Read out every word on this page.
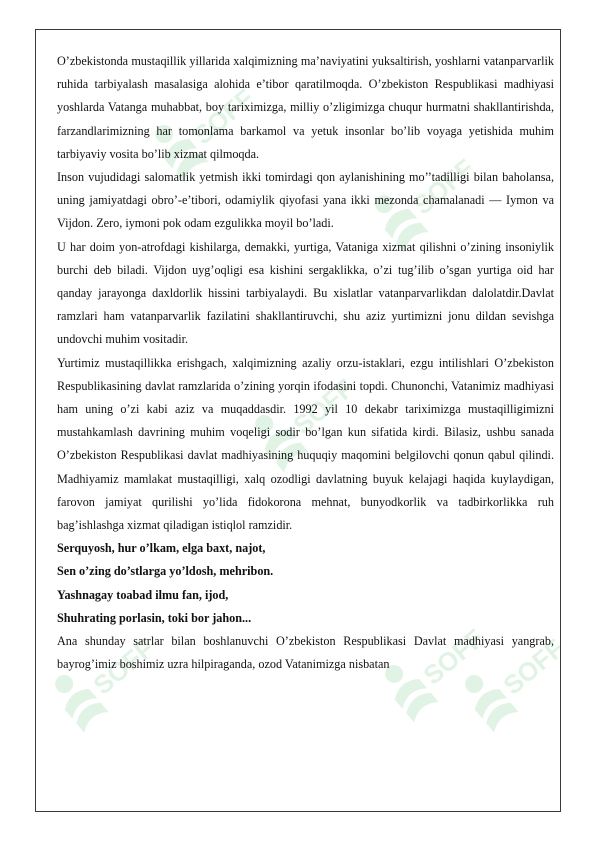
SOFF
SOFF
SOFF
SOFF
SOFF SOFF

O’zbekistonda mustaqillik yillarida xalqimizning ma’naviyatini yuksaltirish, yoshlarni vatanparvarlik ruhida tarbiyalash masalasiga alohida e’tibor qaratilmoqda. O’zbekiston Respublikasi madhiyasi yoshlarda Vatanga muhabbat, boy tariximizga, milliy o’zligimizga chuqur hurmatni shakllantirishda, farzandlarimizning har tomonlama barkamol va yetuk insonlar bo’lib voyaga yetishida muhim tarbiyaviy vosita bo’lib xizmat qilmoqda.

Inson vujudidagi salomatlik yetmish ikki tomirdagi qon aylanishining mo’’tadilligi bilan baholansa, uning jamiyatdagi obro’-e’tibori, odamiylik qiyofasi yana ikki mezonda chamalanadi — Iymon va Vijdon. Zero, iymoni pok odam ezgulikka moyil bo’ladi.

U har doim yon-atrofdagi kishilarga, demakki, yurtiga, Vataniga xizmat qilishni o’zining insoniylik burchi deb biladi. Vijdon uyg’oqligi esa kishini sergaklikka, o’zi tug’ilib o’sgan yurtiga oid har qanday jarayonga daxldorlik hissini tarbiyalaydi. Bu xislatlar vatanparvarlikdan dalolatdir.Davlat ramzlari ham vatanparvarlik fazilatini shakllantiruvchi, shu aziz yurtimizni jonu dildan sevishga undovchi muhim vositadir.

Yurtimiz mustaqillikka erishgach, xalqimizning azaliy orzu-istaklari, ezgu intilishlari O’zbekiston Respublikasining davlat ramzlarida o’zining yorqin ifodasini topdi. Chunonchi, Vatanimiz madhiyasi ham uning o’zi kabi aziz va muqaddasdir. 1992 yil 10 dekabr tariximizga mustaqilligimizni mustahkamlash davrining muhim voqeligi sodir bo’lgan kun sifatida kirdi. Bilasiz, ushbu sanada O’zbekiston Respublikasi davlat madhiyasining huquqiy maqomini belgilovchi qonun qabul qilindi. Madhiyamiz mamlakat mustaqilligi, xalq ozodligi davlatning buyuk kelajagi haqida kuylaydigan, farovon jamiyat qurilishi yo’lida fidokorona mehnat, bunyodkorlik va tadbirkorlikka ruh bag’ishlashga xizmat qiladigan istiqlol ramzidir.

Serquyosh, hur o’lkam, elga baxt, najot,

Sen o’zing do’stlarga yo’ldosh, mehribon.

Yashnagay toabad ilmu fan, ijod,

Shuhrating porlasin, toki bor jahon...

Ana shunday satrlar bilan boshlanuvchi O’zbekiston Respublikasi Davlat madhiyasi yangrab, bayrog’imiz boshimiz uzra hilpiraganda, ozod Vatanimizga nisbatan
